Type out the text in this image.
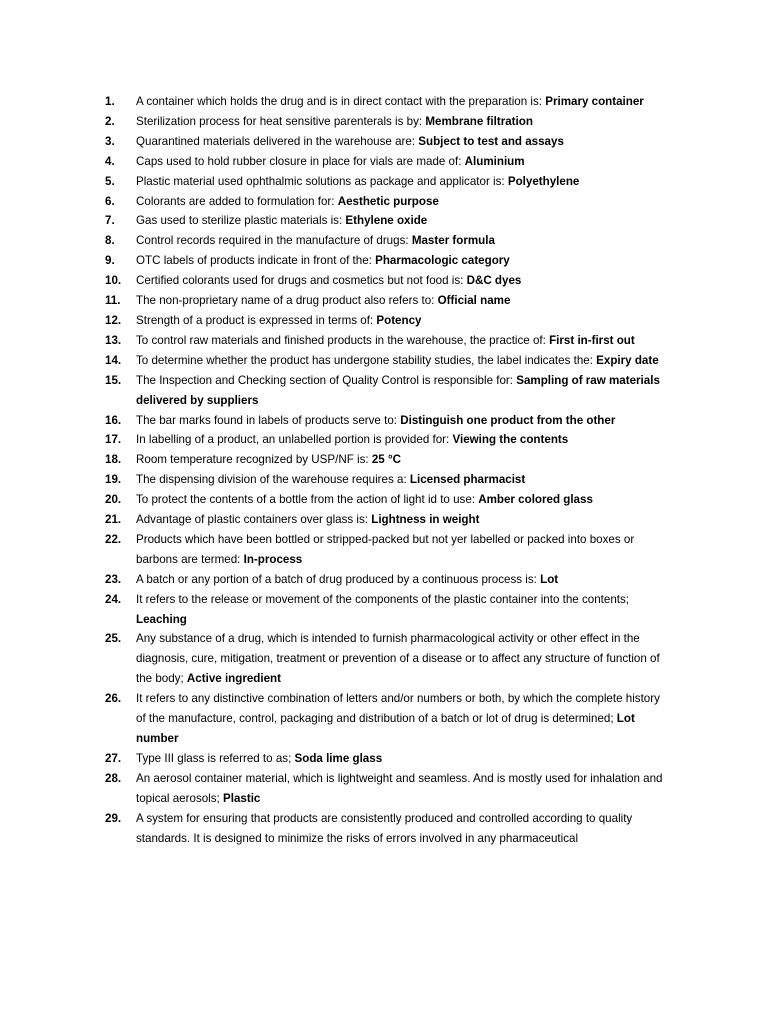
1.	A container which holds the drug and is in direct contact with the preparation is: Primary container
2.	Sterilization process for heat sensitive parenterals is by: Membrane filtration
3.	Quarantined materials delivered in the warehouse are: Subject to test and assays
4.	Caps used to hold rubber closure in place for vials are made of: Aluminium
5.	Plastic material used ophthalmic solutions as package and applicator is: Polyethylene
6.	Colorants are added to formulation for: Aesthetic purpose
7.	Gas used to sterilize plastic materials is: Ethylene oxide
8.	Control records required in the manufacture of drugs: Master formula
9.	OTC labels of products indicate in front of the: Pharmacologic category
10.	Certified colorants used for drugs and cosmetics but not food is: D&C dyes
11.	The non-proprietary name of a drug product also refers to: Official name
12.	Strength of a product is expressed in terms of: Potency
13.	To control raw materials and finished products in the warehouse, the practice of: First in-first out
14.	To determine whether the product has undergone stability studies, the label indicates the: Expiry date
15.	The Inspection and Checking section of Quality Control is responsible for: Sampling of raw materials delivered by suppliers
16.	The bar marks found in labels of products serve to: Distinguish one product from the other
17.	In labelling of a product, an unlabelled portion is provided for: Viewing the contents
18.	Room temperature recognized by USP/NF is: 25 °C
19.	The dispensing division of the warehouse requires a: Licensed pharmacist
20.	To protect the contents of a bottle from the action of light id to use: Amber colored glass
21.	Advantage of plastic containers over glass is: Lightness in weight
22.	Products which have been bottled or stripped-packed but not yer labelled or packed into boxes or barbons are termed: In-process
23.	A batch or any portion of a batch of drug produced by a continuous process is: Lot
24.	It refers to the release or movement of the components of the plastic container into the contents; Leaching
25.	Any substance of a drug, which is intended to furnish pharmacological activity or other effect in the diagnosis, cure, mitigation, treatment or prevention of a disease or to affect any structure of function of the body; Active ingredient
26.	It refers to any distinctive combination of letters and/or numbers or both, by which the complete history of the manufacture, control, packaging and distribution of a batch or lot of drug is determined; Lot number
27.	Type III glass is referred to as; Soda lime glass
28.	An aerosol container material, which is lightweight and seamless. And is mostly used for inhalation and topical aerosols; Plastic
29.	A system for ensuring that products are consistently produced and controlled according to quality standards. It is designed to minimize the risks of errors involved in any pharmaceutical
